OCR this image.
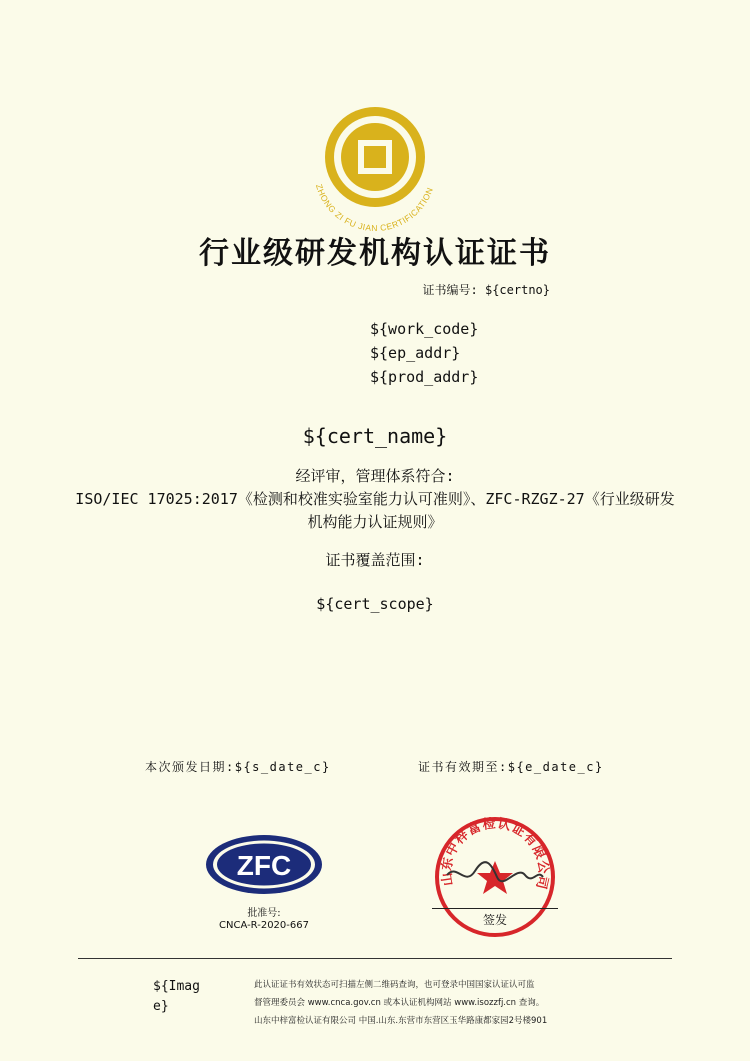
ZHONG ZI FU JIAN CERTIFICATION
行业级研发机构认证证书
证书编号: ${certno}
${work_code}
${ep_addr}
${prod_addr}
${cert_name}
经评审，管理体系符合:
ISO/IEC 17025:2017《检测和校准实验室能力认可准则》、ZFC-RZGZ-27《行业级研发
机构能力认证规则》
证书覆盖范围:
${cert_scope}
本次颁发日期:${s_date_c}	证书有效期至:${e_date_c}
ZFC
批准号:
CNCA-R-2020-667
山东中梓富检认证有限公司
签发
${Image}
此认证证书有效状态可扫描左侧二维码查询，也可登录中国国家认证认可监
督管理委员会 www.cnca.gov.cn 或本认证机构网站 www.isozzfj.cn 查询。
山东中梓富检认证有限公司 中国.山东.东营市东营区玉华路康都家园2号楼901
